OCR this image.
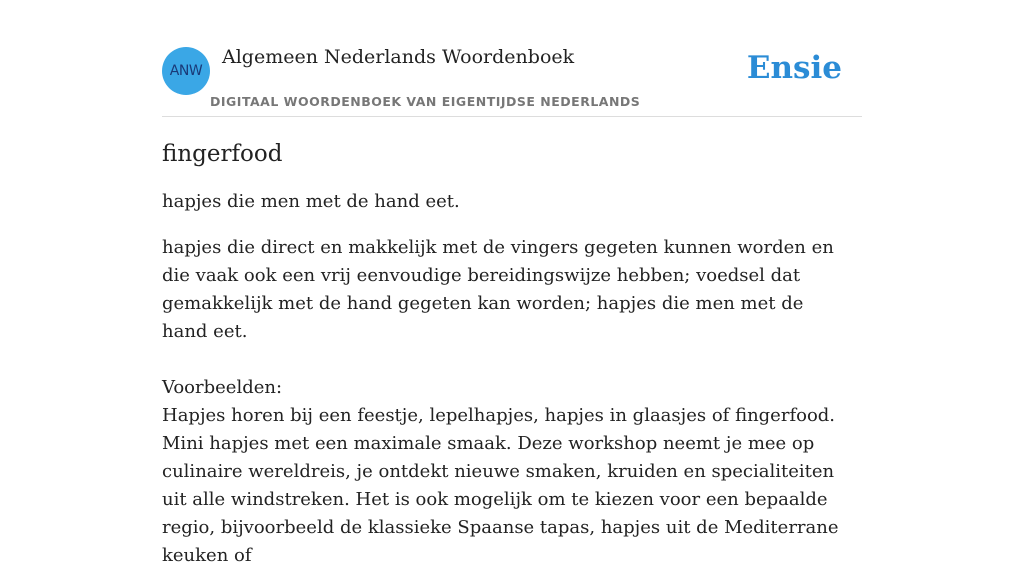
ANW
Algemeen Nederlands Woordenboek
DIGITAAL WOORDENBOEK VAN EIGENTIJDSE NEDERLANDS
Ensie
fingerfood

hapjes die men met de hand eet.

hapjes die direct en makkelijk met de vingers gegeten kunnen worden en die vaak ook een vrij eenvoudige bereidingswijze hebben; voedsel dat gemakkelijk met de hand gegeten kan worden; hapjes die men met de hand eet.

Voorbeelden:

Hapjes horen bij een feestje, lepelhapjes, hapjes in glaasjes of fingerfood. Mini hapjes met een maximale smaak. Deze workshop neemt je mee op culinaire wereldreis, je ontdekt nieuwe smaken, kruiden en specialiteiten uit alle windstreken. Het is ook mogelijk om te kiezen voor een bepaalde regio, bijvoorbeeld de klassieke Spaanse tapas, hapjes uit de Mediterrane keuken of
